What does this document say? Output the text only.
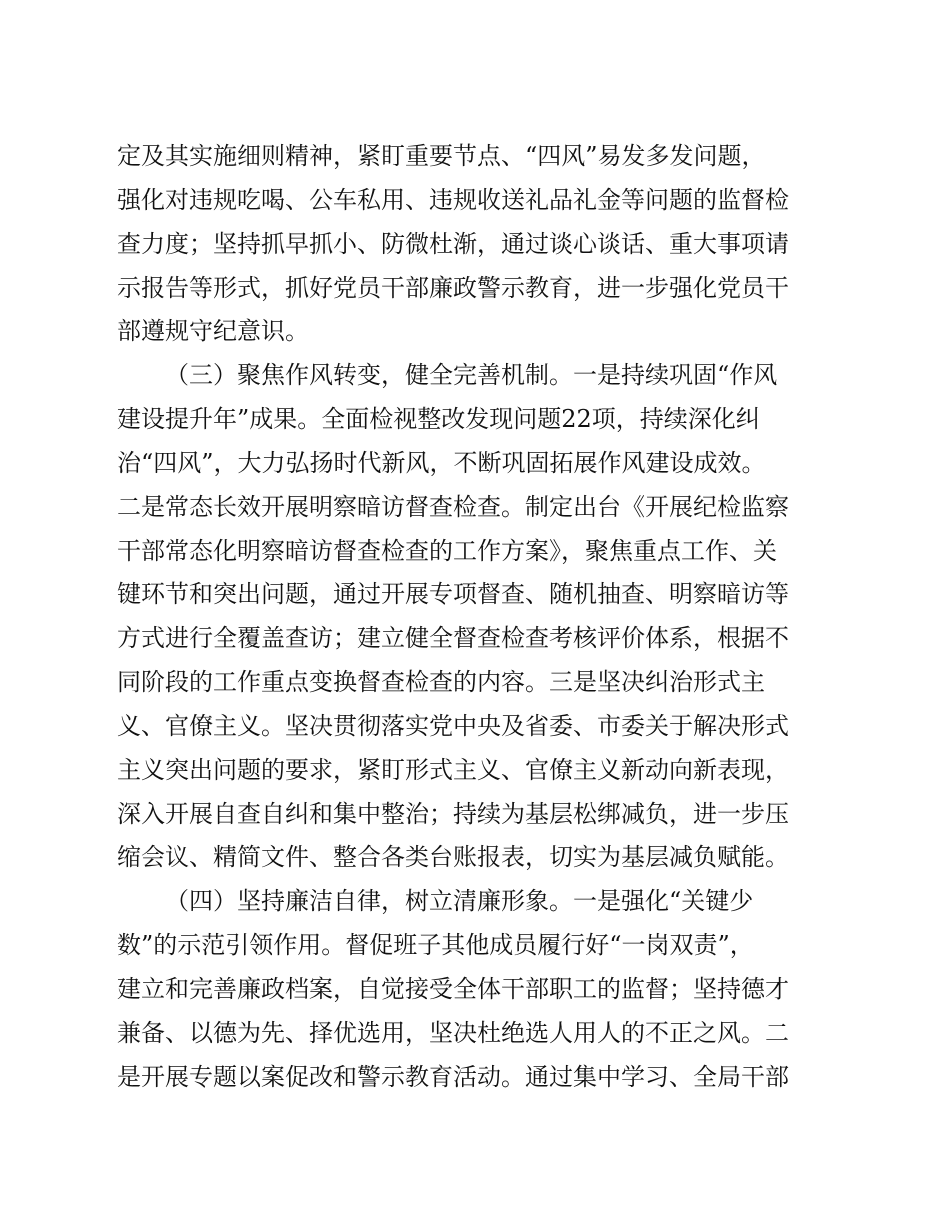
定及其实施细则精神，紧盯重要节点、“四风”易发多发问题，
强化对违规吃喝、公车私用、违规收送礼品礼金等问题的监督检
查力度；坚持抓早抓小、防微杜渐，通过谈心谈话、重大事项请
示报告等形式，抓好党员干部廉政警示教育，进一步强化党员干
部遵规守纪意识。
（三）聚焦作风转变，健全完善机制。一是持续巩固“作风
建设提升年”成果。全面检视整改发现问题22项，持续深化纠
治“四风”，大力弘扬时代新风，不断巩固拓展作风建设成效。
二是常态长效开展明察暗访督查检查。制定出台《开展纪检监察
干部常态化明察暗访督查检查的工作方案》，聚焦重点工作、关
键环节和突出问题，通过开展专项督查、随机抽查、明察暗访等
方式进行全覆盖查访；建立健全督查检查考核评价体系，根据不
同阶段的工作重点变换督查检查的内容。三是坚决纠治形式主
义、官僚主义。坚决贯彻落实党中央及省委、市委关于解决形式
主义突出问题的要求，紧盯形式主义、官僚主义新动向新表现，
深入开展自查自纠和集中整治；持续为基层松绑减负，进一步压
缩会议、精简文件、整合各类台账报表，切实为基层减负赋能。
（四）坚持廉洁自律，树立清廉形象。一是强化“关键少
数”的示范引领作用。督促班子其他成员履行好“一岗双责”，
建立和完善廉政档案，自觉接受全体干部职工的监督；坚持德才
兼备、以德为先、择优选用，坚决杜绝选人用人的不正之风。二
是开展专题以案促改和警示教育活动。通过集中学习、全局干部
